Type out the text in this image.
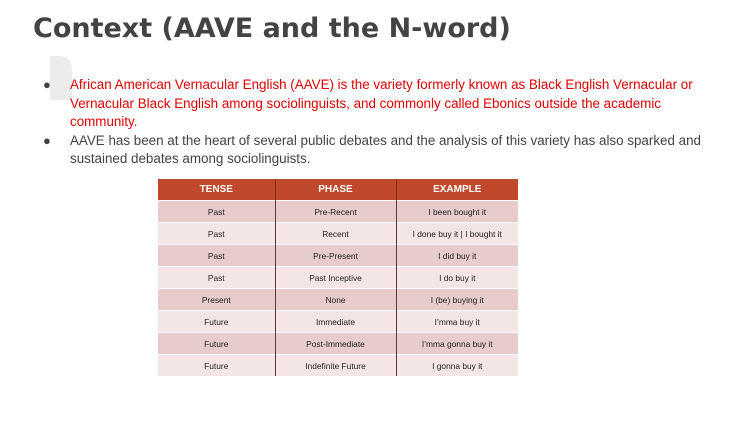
Context (AAVE and the N-word)
● African American Vernacular English (AAVE) is the variety formerly known as Black English Vernacular or Vernacular Black English among sociolinguists, and commonly called Ebonics outside the academic community.
● AAVE has been at the heart of several public debates and the analysis of this variety has also sparked and sustained debates among sociolinguists.
TENSE	PHASE	EXAMPLE
Past	Pre-Recent	I been bought it
Past	Recent	I done buy it | I bought it
Past	Pre-Present	I did buy it
Past	Past Inceptive	I do buy it
Present	None	I (be) buying it
Future	Immediate	I’mma buy it
Future	Post-Immediate	I’mma gonna buy it
Future	Indefinite Future	I gonna buy it
